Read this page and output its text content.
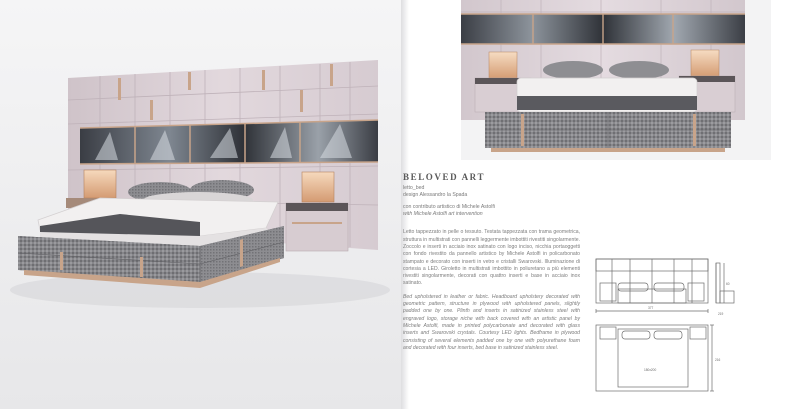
BELOVED ART
letto_bed
design Alessandro la Spada
con contributo artistico di Michele Astolfi
with Michele Astolfi art intervention

Letto tappezzato in pelle o tessuto. Testata tappezzata con trama geometrica, struttura in multistrati con pannelli leggermente imbottiti rivestiti singolarmente. Zoccolo e inserti in acciaio inox satinato con logo inciso, nicchia portaoggetti con fondo rivestito da pannello artistico by Michele Astolfi in policarbonato stampato e decorato con inserti in vetro e cristalli Swarovski. Illuminazione di cortesia a LED. Giroletto in multistrati imbottito in poliuretano a più elementi rivestiti singolarmente, decorati con quattro inserti e base in acciaio inox satinato.

Bed upholstered in leather or fabric. Headboard upholstery decorated with geometric pattern, structure in plywood with upholstered panels, slightly padded one by one. Plinth and inserts in satinized stainless steel with engraved logo, storage niche with back covered with an artistic panel by Michele Astolfi, made in printed polycarbonate and decorated with glass inserts and Swarovski crystals. Courtesy LED lights. Bedframe in plywood consisting of several elements padded one by one with polyurethane foam and decorated with four inserts, bed base in satinized stainless steel.

377
216
180x200
60
219
